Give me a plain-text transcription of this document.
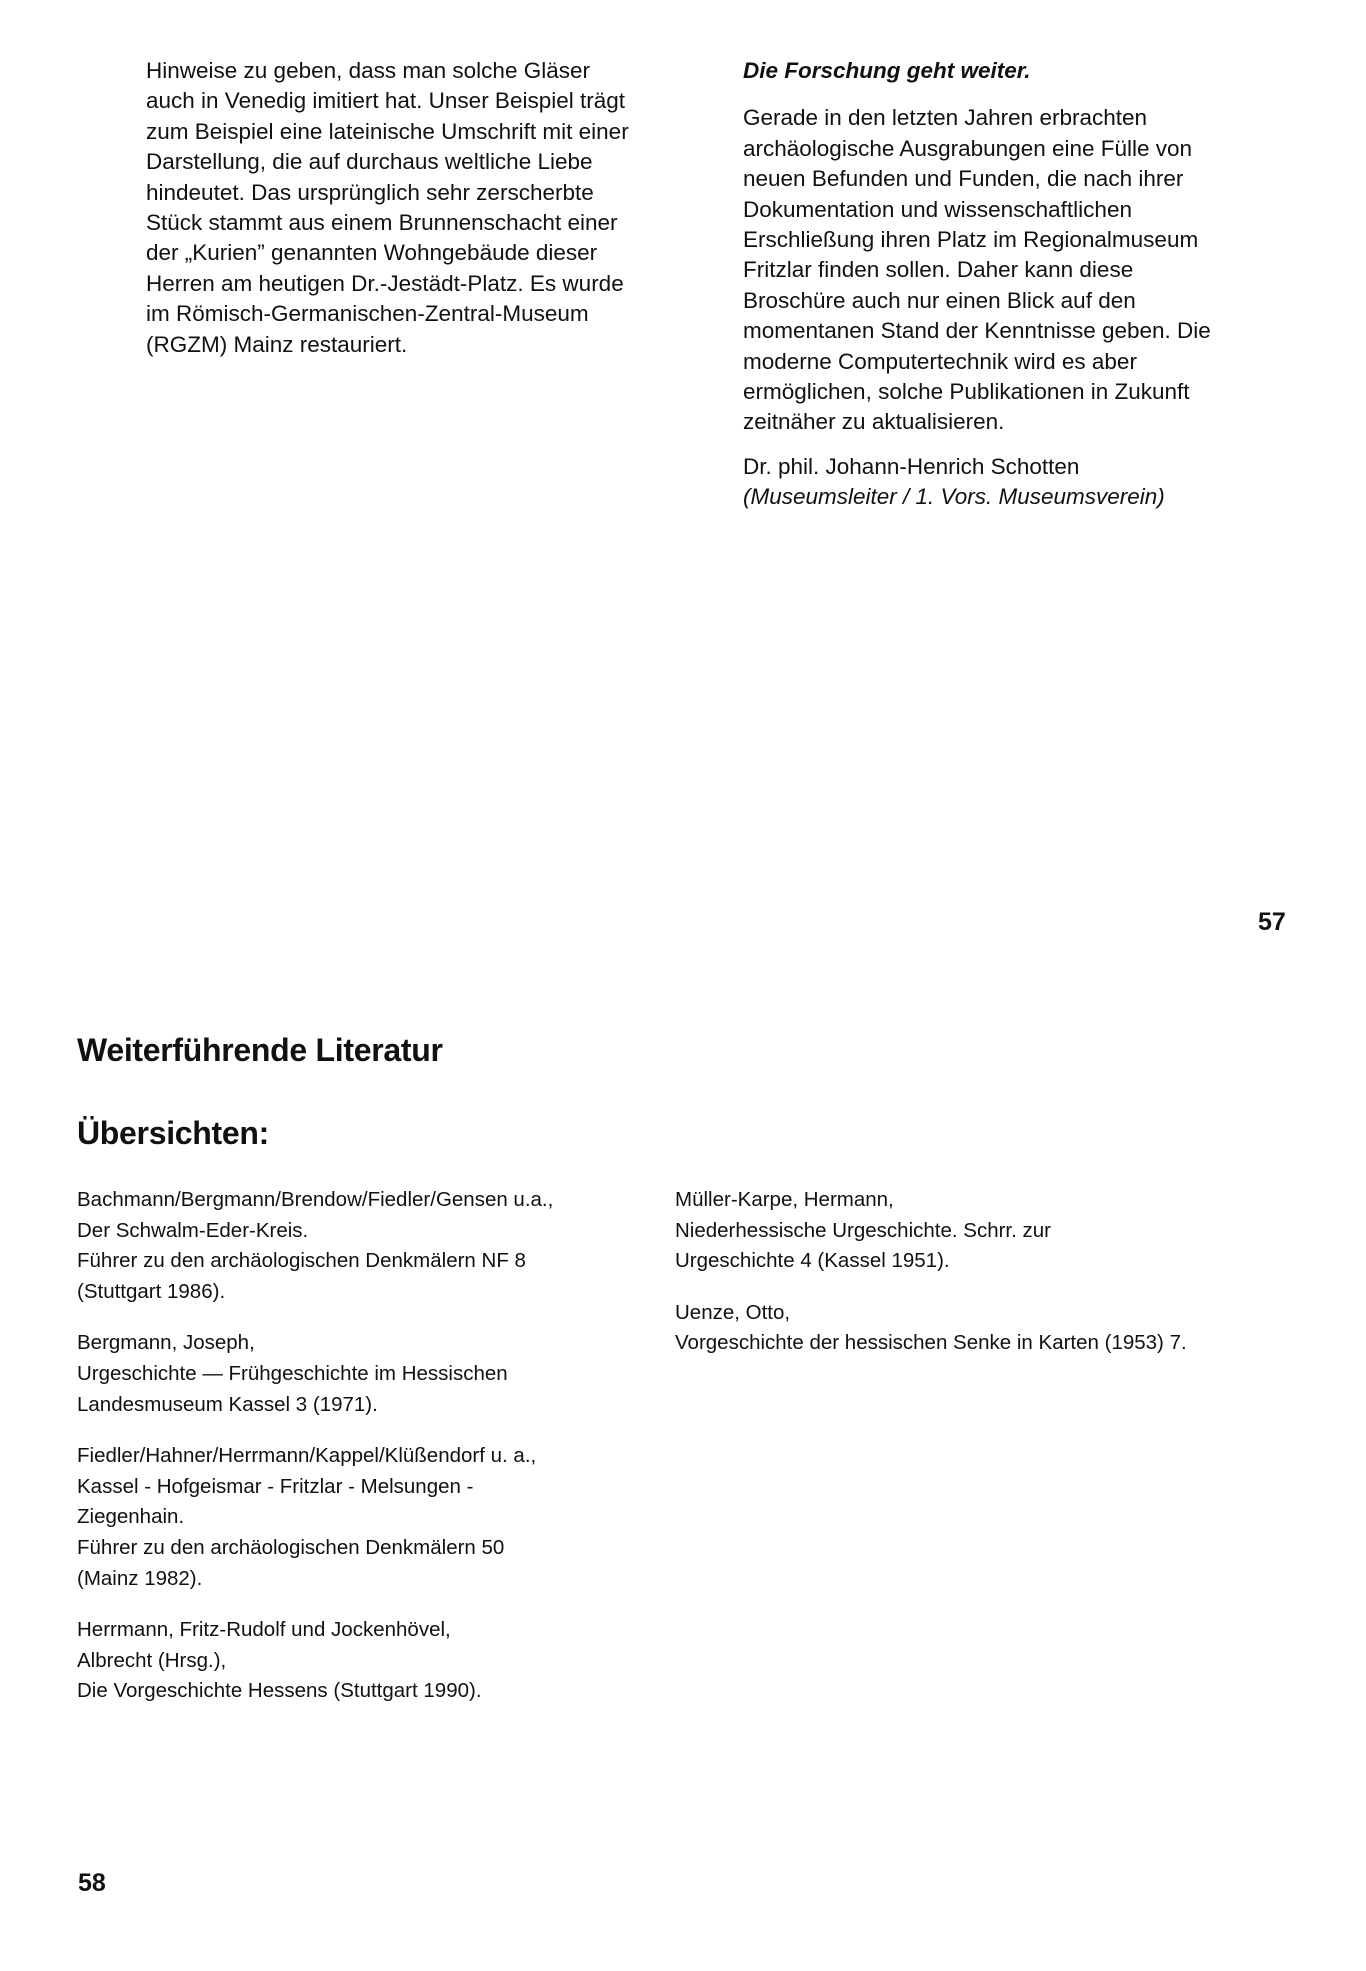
Hinweise zu geben, dass man solche Gläser
auch in Venedig imitiert hat. Unser Beispiel trägt
zum Beispiel eine lateinische Umschrift mit einer
Darstellung, die auf durchaus weltliche Liebe
hindeutet. Das ursprünglich sehr zerscherbte
Stück stammt aus einem Brunnenschacht einer
der „Kurien” genannten Wohngebäude dieser
Herren am heutigen Dr.-Jestädt-Platz. Es wurde
im Römisch-Germanischen-Zentral-Museum
(RGZM) Mainz restauriert.

Die Forschung geht weiter.

Gerade in den letzten Jahren erbrachten
archäologische Ausgrabungen eine Fülle von
neuen Befunden und Funden, die nach ihrer
Dokumentation und wissenschaftlichen
Erschließung ihren Platz im Regionalmuseum
Fritzlar finden sollen. Daher kann diese
Broschüre auch nur einen Blick auf den
momentanen Stand der Kenntnisse geben. Die
moderne Computertechnik wird es aber
ermöglichen, solche Publikationen in Zukunft
zeitnäher zu aktualisieren.

Dr. phil. Johann-Henrich Schotten

(Museumsleiter / 1. Vors. Museumsverein)

57
Weiterführende Literatur
Übersichten:

Bachmann/Bergmann/Brendow/Fiedler/Gensen u.a.,
Der Schwalm-Eder-Kreis.
Führer zu den archäologischen Denkmälern NF 8
(Stuttgart 1986).

Bergmann, Joseph,
Urgeschichte — Frühgeschichte im Hessischen
Landesmuseum Kassel 3 (1971).

Fiedler/Hahner/Herrmann/Kappel/Klüßendorf u. a.,
Kassel - Hofgeismar - Fritzlar - Melsungen -
Ziegenhain.
Führer zu den archäologischen Denkmälern 50
(Mainz 1982).

Herrmann, Fritz-Rudolf und Jockenhövel,
Albrecht (Hrsg.),
Die Vorgeschichte Hessens (Stuttgart 1990).

Müller-Karpe, Hermann,
Niederhessische Urgeschichte. Schrr. zur
Urgeschichte 4 (Kassel 1951).

Uenze, Otto,
Vorgeschichte der hessischen Senke in Karten (1953) 7.

58
